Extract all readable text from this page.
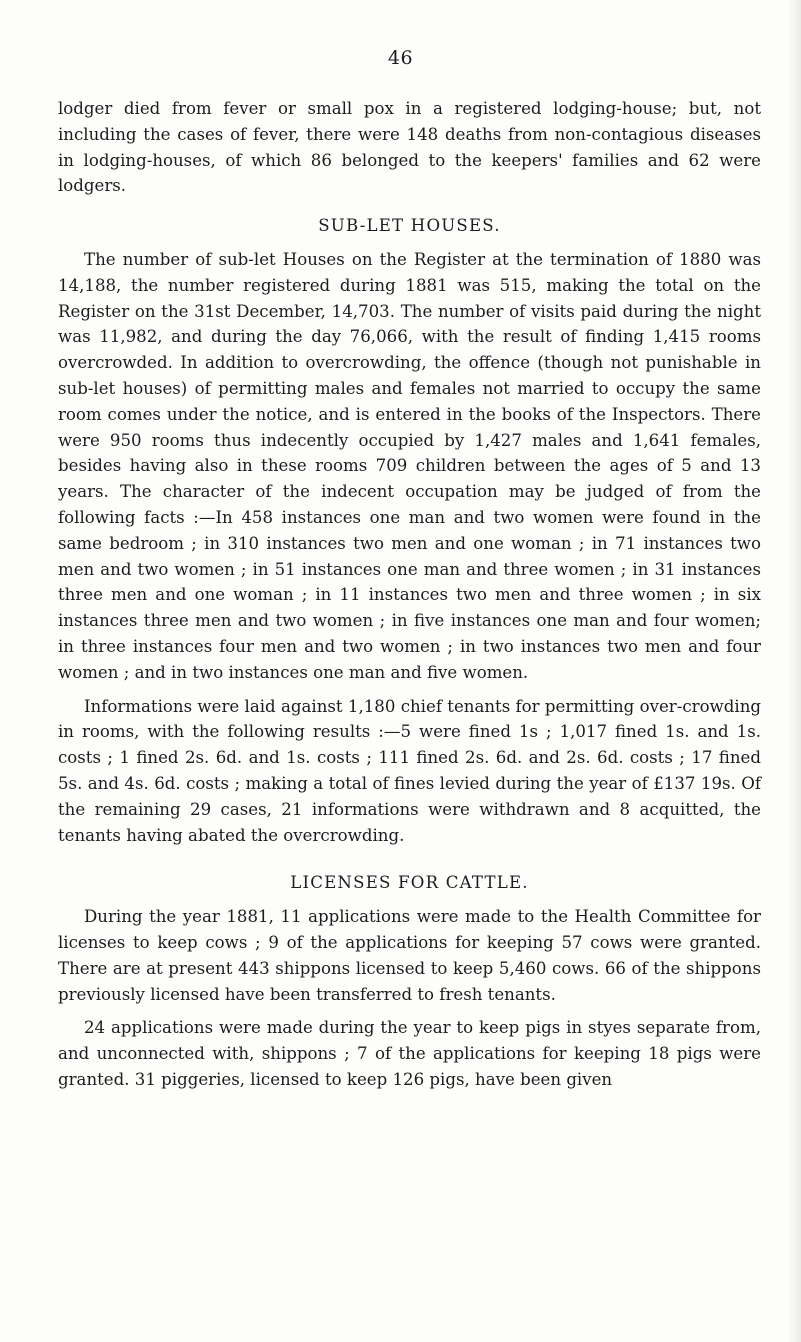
46

lodger died from fever or small pox in a registered lodging-house; but, not including the cases of fever, there were 148 deaths from non-contagious diseases in lodging-houses, of which 86 belonged to the keepers' families and 62 were lodgers.

SUB-LET HOUSES.

The number of sub-let Houses on the Register at the termination of 1880 was 14,188, the number registered during 1881 was 515, making the total on the Register on the 31st December, 14,703. The number of visits paid during the night was 11,982, and during the day 76,066, with the result of finding 1,415 rooms overcrowded. In addition to overcrowding, the offence (though not punishable in sub-let houses) of permitting males and females not married to occupy the same room comes under the notice, and is entered in the books of the Inspectors. There were 950 rooms thus indecently occupied by 1,427 males and 1,641 females, besides having also in these rooms 709 children between the ages of 5 and 13 years. The character of the indecent occupation may be judged of from the following facts :—In 458 instances one man and two women were found in the same bedroom ; in 310 instances two men and one woman ; in 71 instances two men and two women ; in 51 instances one man and three women ; in 31 instances three men and one woman ; in 11 instances two men and three women ; in six instances three men and two women ; in five instances one man and four women; in three instances four men and two women ; in two instances two men and four women ; and in two instances one man and five women.

Informations were laid against 1,180 chief tenants for permitting over-crowding in rooms, with the following results :—5 were fined 1s ; 1,017 fined 1s. and 1s. costs ; 1 fined 2s. 6d. and 1s. costs ; 111 fined 2s. 6d. and 2s. 6d. costs ; 17 fined 5s. and 4s. 6d. costs ; making a total of fines levied during the year of £137 19s. Of the remaining 29 cases, 21 informations were withdrawn and 8 acquitted, the tenants having abated the overcrowding.

LICENSES FOR CATTLE.

During the year 1881, 11 applications were made to the Health Committee for licenses to keep cows ; 9 of the applications for keeping 57 cows were granted. There are at present 443 shippons licensed to keep 5,460 cows. 66 of the shippons previously licensed have been transferred to fresh tenants.

24 applications were made during the year to keep pigs in styes separate from, and unconnected with, shippons ; 7 of the applications for keeping 18 pigs were granted. 31 piggeries, licensed to keep 126 pigs, have been given
